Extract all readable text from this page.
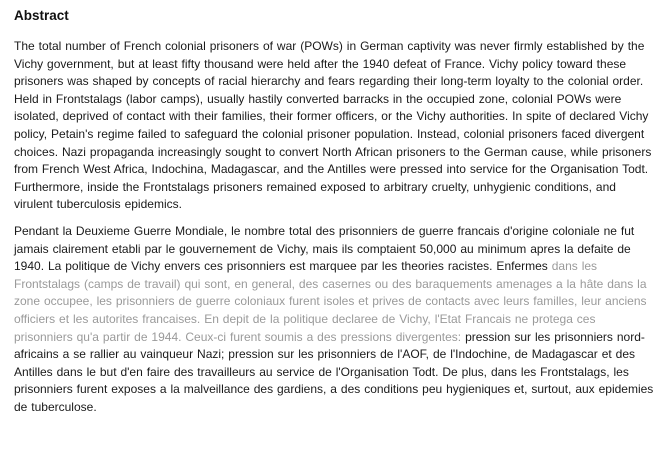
Abstract

The total number of French colonial prisoners of war (POWs) in German captivity was never firmly established by the Vichy government, but at least fifty thousand were held after the 1940 defeat of France. Vichy policy toward these prisoners was shaped by concepts of racial hierarchy and fears regarding their long-term loyalty to the colonial order. Held in Frontstalags (labor camps), usually hastily converted barracks in the occupied zone, colonial POWs were isolated, deprived of contact with their families, their former officers, or the Vichy authorities. In spite of declared Vichy policy, Petain's regime failed to safeguard the colonial prisoner population. Instead, colonial prisoners faced divergent choices. Nazi propaganda increasingly sought to convert North African prisoners to the German cause, while prisoners from French West Africa, Indochina, Madagascar, and the Antilles were pressed into service for the Organisation Todt. Furthermore, inside the Frontstalags prisoners remained exposed to arbitrary cruelty, unhygienic conditions, and virulent tuberculosis epidemics.

Pendant la Deuxieme Guerre Mondiale, le nombre total des prisonniers de guerre francais d'origine coloniale ne fut jamais clairement etabli par le gouvernement de Vichy, mais ils comptaient 50,000 au minimum apres la defaite de 1940. La politique de Vichy envers ces prisonniers est marquee par les theories racistes. Enfermes dans les Frontstalags (camps de travail) qui sont, en general, des casernes ou des baraquements amenages a la hâte dans la zone occupee, les prisonniers de guerre coloniaux furent isoles et prives de contacts avec leurs familles, leur anciens officiers et les autorites francaises. En depit de la politique declaree de Vichy, l'Etat Francais ne protega ces prisonniers qu'a partir de 1944. Ceux-ci furent soumis a des pressions divergentes: pression sur les prisonniers nord-africains a se rallier au vainqueur Nazi; pression sur les prisonniers de l'AOF, de l'Indochine, de Madagascar et des Antilles dans le but d'en faire des travailleurs au service de l'Organisation Todt. De plus, dans les Frontstalags, les prisonniers furent exposes a la malveillance des gardiens, a des conditions peu hygieniques et, surtout, aux epidemies de tuberculose.
